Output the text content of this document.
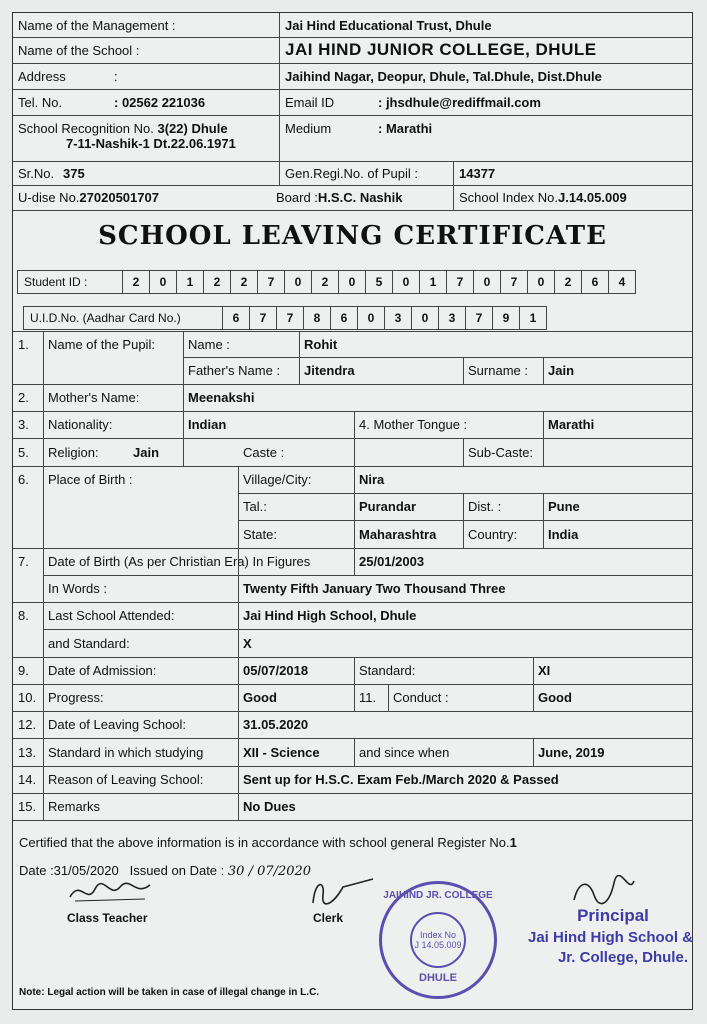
Name of the Management :	Jai Hind Educational Trust, Dhule
Name of the School :	JAI HIND JUNIOR COLLEGE, DHULE
Address	:	Jaihind Nagar, Deopur, Dhule, Tal.Dhule, Dist.Dhule
Tel. No.	: 02562 221036	Email ID	: jhsdhule@rediffmail.com
School Recognition No. 3(22) Dhule
7-11-Nashik-1 Dt.22.06.1971
Medium	: Marathi
Sr.No. 375	Gen.Regi.No. of Pupil :	14377
U-dise No. 27020501707	Board : H.S.C. Nashik	School Index No. J.14.05.009
SCHOOL LEAVING CERTIFICATE
Student ID :	2	0	1	2	2	7	0	2	0	5	0	1	7	0	7	0	2	6	4
U.I.D.No. (Aadhar Card No.)	6	7	7	8	6	0	3	0	3	7	9	1
1.	Name of the Pupil:	Name :	Rohit
Father's Name :	Jitendra	Surname :	Jain
2.	Mother's Name:	Meenakshi
3.	Nationality:	Indian	4. Mother Tongue :	Marathi
5.	Religion:	Jain	Caste :	Sub-Caste:
6.	Place of Birth :	Village/City:	Nira
Tal.:	Purandar	Dist. :	Pune
State:	Maharashtra	Country:	India
7.	Date of Birth (As per Christian Era) In Figures	25/01/2003
In Words :	Twenty Fifth January Two Thousand Three
8.	Last School Attended:	Jai Hind High School, Dhule
and Standard:	X
9.	Date of Admission:	05/07/2018	Standard:	XI
10. Progress:	Good	11.	Conduct :	Good
12. Date of Leaving School:	31.05.2020
13. Standard in which studying	XII - Science	and since when	June, 2019
14. Reason of Leaving School:	Sent up for H.S.C. Exam Feb./March 2020 & Passed
15. Remarks	No Dues
Certified that the above information is in accordance with school general Register No.1
Date :31/05/2020 Issued on Date : 30 / 07/2020
Class Teacher	Clerk
JAIHIND JR. COLLEGE
Index No
J 14.05.009
DHULE
Principal
Jai Hind High School &
Jr. College, Dhule.
Note: Legal action will be taken in case of illegal change in L.C.
